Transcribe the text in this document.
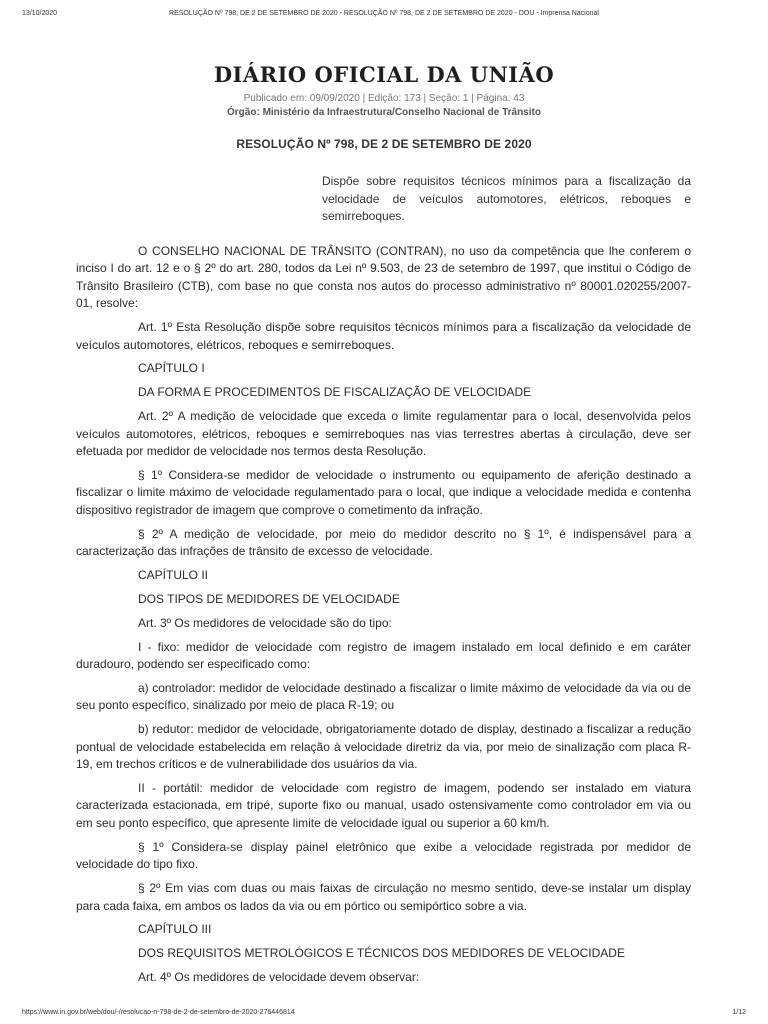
13/10/2020	RESOLUÇÃO Nº 798, DE 2 DE SETEMBRO DE 2020 - RESOLUÇÃO Nº 798, DE 2 DE SETEMBRO DE 2020 - DOU - Imprensa Nacional
DIÁRIO OFICIAL DA UNIÃO
Publicado em: 09/09/2020 | Edição: 173 | Seção: 1 | Página: 43
Órgão: Ministério da Infraestrutura/Conselho Nacional de Trânsito
RESOLUÇÃO Nº 798, DE 2 DE SETEMBRO DE 2020
Dispõe sobre requisitos técnicos mínimos para a fiscalização da velocidade de veículos automotores, elétricos, reboques e semirreboques.

O CONSELHO NACIONAL DE TRÂNSITO (CONTRAN), no uso da competência que lhe conferem o inciso I do art. 12 e o § 2º do art. 280, todos da Lei nº 9.503, de 23 de setembro de 1997, que institui o Código de Trânsito Brasileiro (CTB), com base no que consta nos autos do processo administrativo nº 80001.020255/2007-01, resolve:

Art. 1º Esta Resolução dispõe sobre requisitos técnicos mínimos para a fiscalização da velocidade de veículos automotores, elétricos, reboques e semirreboques.

CAPÍTULO I

DA FORMA E PROCEDIMENTOS DE FISCALIZAÇÃO DE VELOCIDADE

Art. 2º A medição de velocidade que exceda o limite regulamentar para o local, desenvolvida pelos veículos automotores, elétricos, reboques e semirreboques nas vias terrestres abertas à circulação, deve ser efetuada por medidor de velocidade nos termos desta Resolução.

§ 1º Considera-se medidor de velocidade o instrumento ou equipamento de aferição destinado a fiscalizar o limite máximo de velocidade regulamentado para o local, que indique a velocidade medida e contenha dispositivo registrador de imagem que comprove o cometimento da infração.

§ 2º A medição de velocidade, por meio do medidor descrito no § 1º, é indispensável para a caracterização das infrações de trânsito de excesso de velocidade.

CAPÍTULO II

DOS TIPOS DE MEDIDORES DE VELOCIDADE

Art. 3º Os medidores de velocidade são do tipo:

I - fixo: medidor de velocidade com registro de imagem instalado em local definido e em caráter duradouro, podendo ser especificado como:

a) controlador: medidor de velocidade destinado a fiscalizar o limite máximo de velocidade da via ou de seu ponto específico, sinalizado por meio de placa R-19; ou

b) redutor: medidor de velocidade, obrigatoriamente dotado de display, destinado a fiscalizar a redução pontual de velocidade estabelecida em relação à velocidade diretriz da via, por meio de sinalização com placa R-19, em trechos críticos e de vulnerabilidade dos usuários da via.

II - portátil: medidor de velocidade com registro de imagem, podendo ser instalado em viatura caracterizada estacionada, em tripé, suporte fixo ou manual, usado ostensivamente como controlador em via ou em seu ponto específico, que apresente limite de velocidade igual ou superior a 60 km/h.

§ 1º Considera-se display painel eletrônico que exibe a velocidade registrada por medidor de velocidade do tipo fixo.

§ 2º Em vias com duas ou mais faixas de circulação no mesmo sentido, deve-se instalar um display para cada faixa, em ambos os lados da via ou em pórtico ou semipórtico sobre a via.

CAPÍTULO III

DOS REQUISITOS METROLÓGICOS E TÉCNICOS DOS MEDIDORES DE VELOCIDADE

Art. 4º Os medidores de velocidade devem observar:

https://www.in.gov.br/web/dou/-/resolucao-n-798-de-2-de-setembro-de-2020-276446814	1/12
